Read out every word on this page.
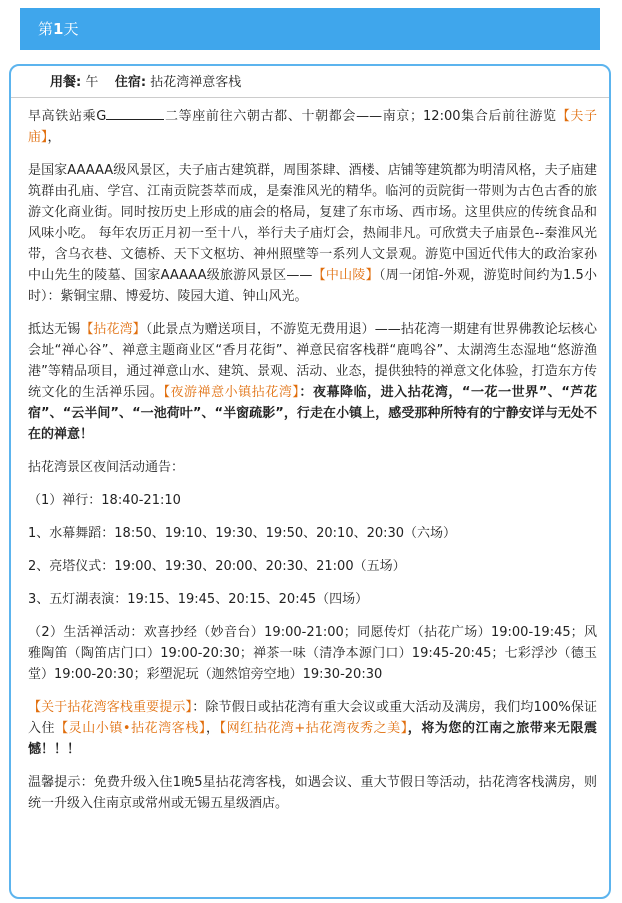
第1天
用餐: 午 住宿: 拈花湾禅意客栈

早高铁站乘G	二等座前往六朝古都、十朝都会——南京；12:00集合后前往游览【夫子庙】，

是国家AAAAA级风景区，夫子庙古建筑群，周围茶肆、酒楼、店铺等建筑都为明清风格，夫子庙建筑群由孔庙、学宫、江南贡院荟萃而成，是秦淮风光的精华。临河的贡院街一带则为古色古香的旅游文化商业街。同时按历史上形成的庙会的格局，复建了东市场、西市场。这里供应的传统食品和风味小吃。 每年农历正月初一至十八，举行夫子庙灯会，热闹非凡。可欣赏夫子庙景色--秦淮风光带，含乌衣巷、文德桥、天下文枢坊、神州照壁等一系列人文景观。游览中国近代伟大的政治家孙中山先生的陵墓、国家AAAAA级旅游风景区——【中山陵】（周一闭馆-外观，游览时间约为1.5小时）：紫铜宝鼎、博爱坊、陵园大道、钟山风光。

抵达无锡【拈花湾】（此景点为赠送项目，不游览无费用退）——拈花湾一期建有世界佛教论坛核心会址“禅心谷”、禅意主题商业区“香月花街”、禅意民宿客栈群“鹿鸣谷”、太湖湾生态湿地“悠游渔港”等精品项目，通过禅意山水、建筑、景观、活动、业态，提供独特的禅意文化体验，打造东方传统文化的生活禅乐园。【夜游禅意小镇拈花湾】：夜幕降临，进入拈花湾，“一花一世界”、“芦花宿”、“云半间”、“一池荷叶”、“半窗疏影”，行走在小镇上，感受那种所特有的宁静安详与无处不在的禅意！

拈花湾景区夜间活动通告：

（1）禅行：18:40-21:10

1、水幕舞蹈：18:50、19:10、19:30、19:50、20:10、20:30（六场）

2、亮塔仪式：19:00、19:30、20:00、20:30、21:00（五场）

3、五灯湖表演：19:15、19:45、20:15、20:45（四场）

（2）生活禅活动：欢喜抄经（妙音台）19:00-21:00；同愿传灯（拈花广场）19:00-19:45；风雅陶笛（陶笛店门口）19:00-20:30；禅茶一味（清净本源门口）19:45-20:45；七彩浮沙（德玉堂）19:00-20:30；彩塑泥玩（迦然馆旁空地）19:30-20:30

【关于拈花湾客栈重要提示】：除节假日或拈花湾有重大会议或重大活动及满房，我们均100%保证入住【灵山小镇•拈花湾客栈】，【网红拈花湾+拈花湾夜秀之美】，将为您的江南之旅带来无限震憾！！！

温馨提示：免费升级入住1晚5星拈花湾客栈，如遇会议、重大节假日等活动，拈花湾客栈满房，则统一升级入住南京或常州或无锡五星级酒店。
